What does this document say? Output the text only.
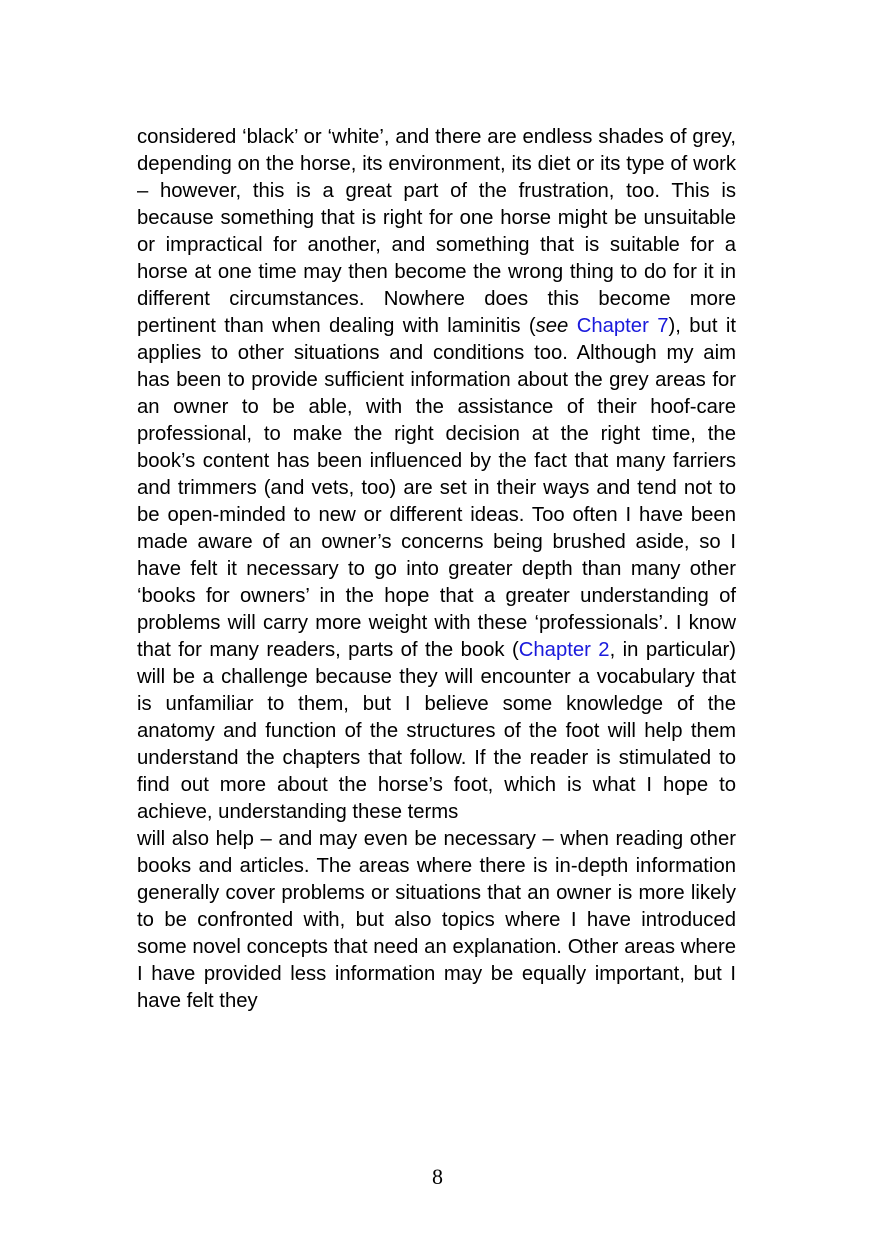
considered ‘black’ or ‘white’, and there are endless shades of grey, depending on the horse, its environment, its diet or its type of work – however, this is a great part of the frustration, too. This is because something that is right for one horse might be unsuitable or impractical for another, and something that is suitable for a horse at one time may then become the wrong thing to do for it in different circumstances. Nowhere does this become more pertinent than when dealing with laminitis (see Chapter 7), but it applies to other situations and conditions too. Although my aim has been to provide sufficient information about the grey areas for an owner to be able, with the assistance of their hoof-care professional, to make the right decision at the right time, the book’s content has been influenced by the fact that many farriers and trimmers (and vets, too) are set in their ways and tend not to be open-minded to new or different ideas. Too often I have been made aware of an owner’s concerns being brushed aside, so I have felt it necessary to go into greater depth than many other ‘books for owners’ in the hope that a greater understanding of problems will carry more weight with these ‘professionals’. I know that for many readers, parts of the book (Chapter 2, in particular) will be a challenge because they will encounter a vocabulary that is unfamiliar to them, but I believe some knowledge of the anatomy and function of the structures of the foot will help them understand the chapters that follow. If the reader is stimulated to find out more about the horse’s foot, which is what I hope to achieve, understanding these terms

will also help – and may even be necessary – when reading other books and articles. The areas where there is in-depth information generally cover problems or situations that an owner is more likely to be confronted with, but also topics where I have introduced some novel concepts that need an explanation. Other areas where I have provided less information may be equally important, but I have felt they

8
